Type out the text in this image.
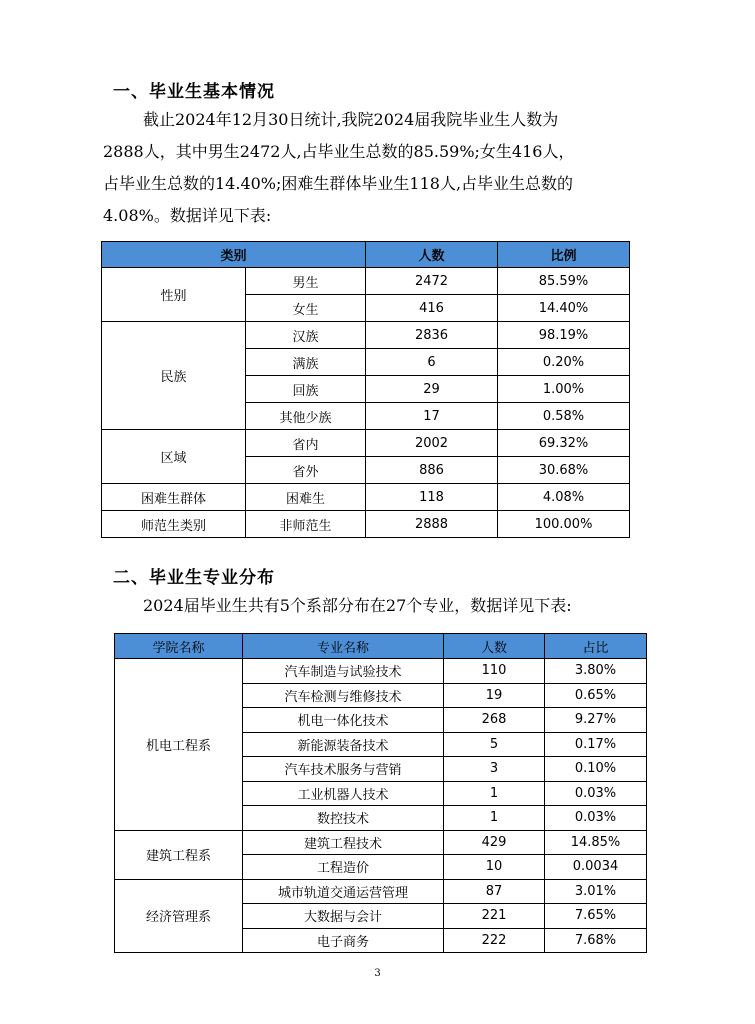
一、毕业生基本情况

截止2024年12月30日统计,我院2024届我院毕业生人数为

2888人，其中男生2472人,占毕业生总数的85.59%;女生416人，

占毕业生总数的14.40%;困难生群体毕业生118人,占毕业生总数的

4.08%。数据详见下表:

类别		人数	比例
性别	男生	2472	85.59%
	女生	416	14.40%
民族	汉族	2836	98.19%
	满族	6	0.20%
	回族	29	1.00%
	其他少族	17	0.58%
区域	省内	2002	69.32%
	省外	886	30.68%
困难生群体	困难生	118	4.08%
师范生类别	非师范生	2888	100.00%
二、毕业生专业分布

2024届毕业生共有5个系部分布在27个专业，数据详见下表:

学院名称	专业名称	人数	占比
机电工程系	汽车制造与试验技术	110	3.80%
	汽车检测与维修技术	19	0.65%
	机电一体化技术	268	9.27%
	新能源装备技术	5	0.17%
	汽车技术服务与营销	3	0.10%
	工业机器人技术	1	0.03%
	数控技术	1	0.03%
建筑工程系	建筑工程技术	429	14.85%
	工程造价	10	0.0034
经济管理系	城市轨道交通运营管理	87	3.01%
	大数据与会计	221	7.65%
	电子商务	222	7.68%
3
